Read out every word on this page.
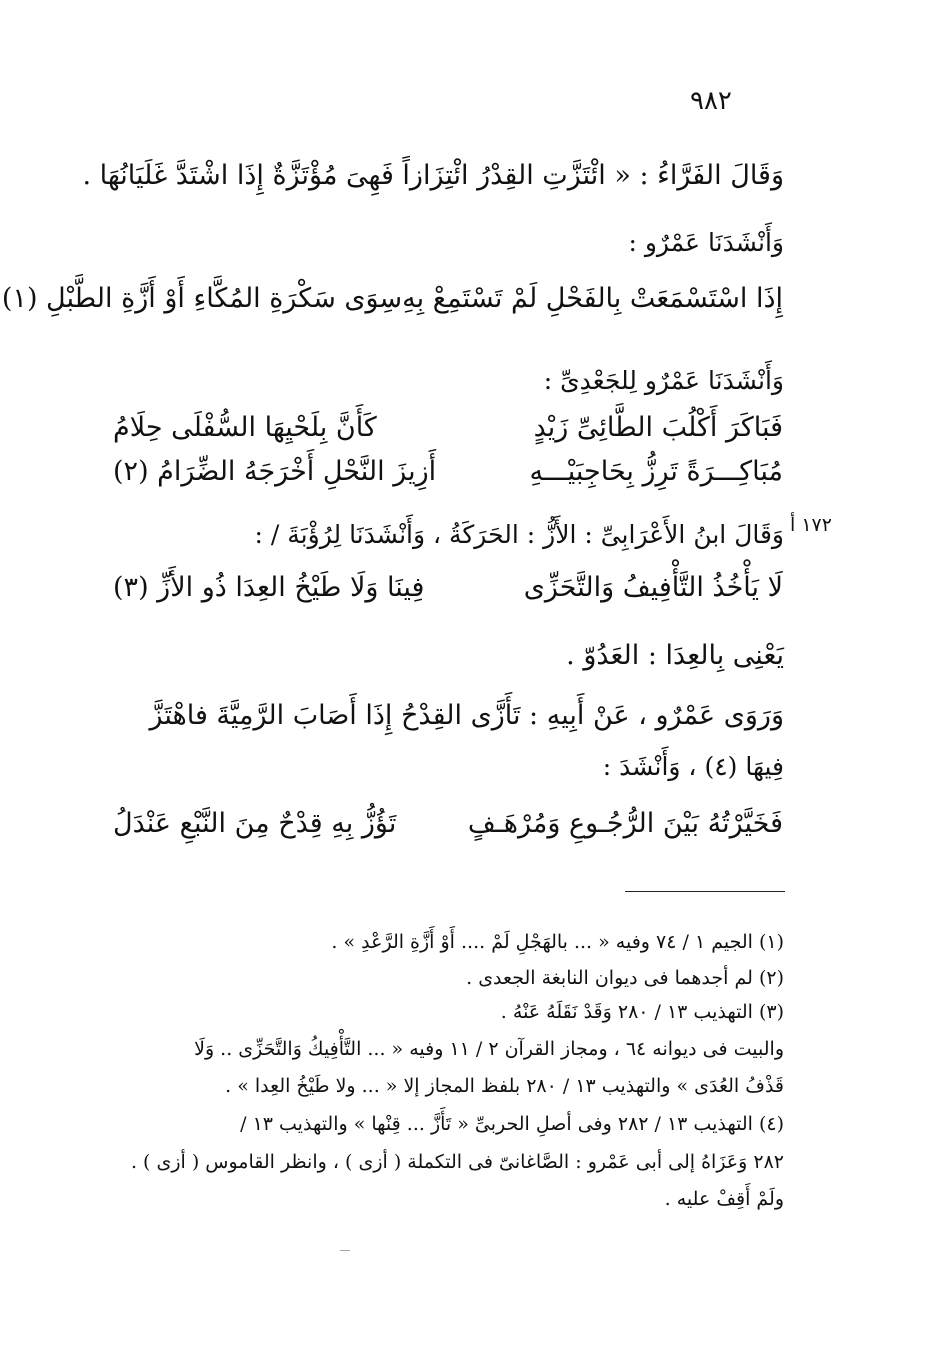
٩٨٢
١٧٢ أ
وَقَالَ الفَرَّاءُ : « ائْتَزَّتِ القِدْرُ ائْتِزَازاً فَهِىَ مُؤْتَزَّةٌ إِذَا اشْتَدَّ غَلَيَانُهَا .
وَأَنْشَدَنَا عَمْرٌو :
إِذَا اسْتَسْمَعَتْ بِالفَحْلِ لَمْ تَسْتَمِعْ بِهِ
سِوَى سَكْرَةِ المُكَّاءِ أَوْ أَزَّةِ الطَّبْلِ (١)
وَأَنْشَدَنَا عَمْرٌو لِلجَعْدِىِّ :
فَبَاكَرَ أَكْلُبَ الطَّائِىِّ زَيْدٍ
كَأَنَّ بِلَحْيِهَا السُّفْلَى حِلَامُ
مُبَاكِـــرَةً تَرِزُّ بِحَاجِبَيْـــهِ
أَزِيزَ النَّحْلِ أَخْرَجَهُ الضِّرَامُ (٢)
وَقَالَ ابنُ الأَعْرَابِىِّ : الأَزُّ : الحَرَكَةُ ، وَأَنْشَدَنَا لِرُؤْبَةَ / :
لَا يَأْخُذُ التَّأْفِيفُ وَالتَّحَزِّى
فِينَا وَلَا طَيْخُ العِدَا ذُو الأَزِّ (٣)
يَعْنِى بِالعِدَا : العَدُوّ .
وَرَوَى عَمْرٌو ، عَنْ أَبِيهِ : تَأَزَّى القِدْحُ إِذَا أَصَابَ الرَّمِيَّةَ فاهْتَزَّ
فِيهَا (٤) ، وَأَنْشَدَ :
فَخَيَّرْتُهُ بَيْنَ الرُّجُـوعِ وَمُرْهَـفٍ
تَؤُزُّ بِهِ قِدْحٌ مِنَ النَّبْعِ عَنْدَلُ
(١) الجيم ١ / ٧٤ وفيه « ... بالهَجْلِ لَمْ .... أَوْ أَزَّةِ الرَّعْدِ » .
(٢) لم أجدهما فى ديوان النابغة الجعدى .
(٣) التهذيب ١٣ / ٢٨٠ وَقَدْ نَقَلَهُ عَنْهُ .
والبيت فى ديوانه ٦٤ ، ومجاز القرآن ٢ / ١١ وفيه « ... التَّأْفِيكُ وَالتَّحَزِّى .. وَلَا
قَذْفُ العُدَى » والتهذيب ١٣ / ٢٨٠ بلفظ المجاز إلا « ... ولا طَيْخُ العِدا » .
(٤) التهذيب ١٣ / ٢٨٢ وفى أصلِ الحربىِّ « تَأَزَّ ... قِنْها » والتهذيب ١٣ /
٢٨٢ وَعَزَاهُ إلى أبى عَمْرو : الصَّاغانىّ فى التكملة ( أزى ) ، وانظر القاموس ( أزى ) .
ولَمْ أَقِفْ عليه .
